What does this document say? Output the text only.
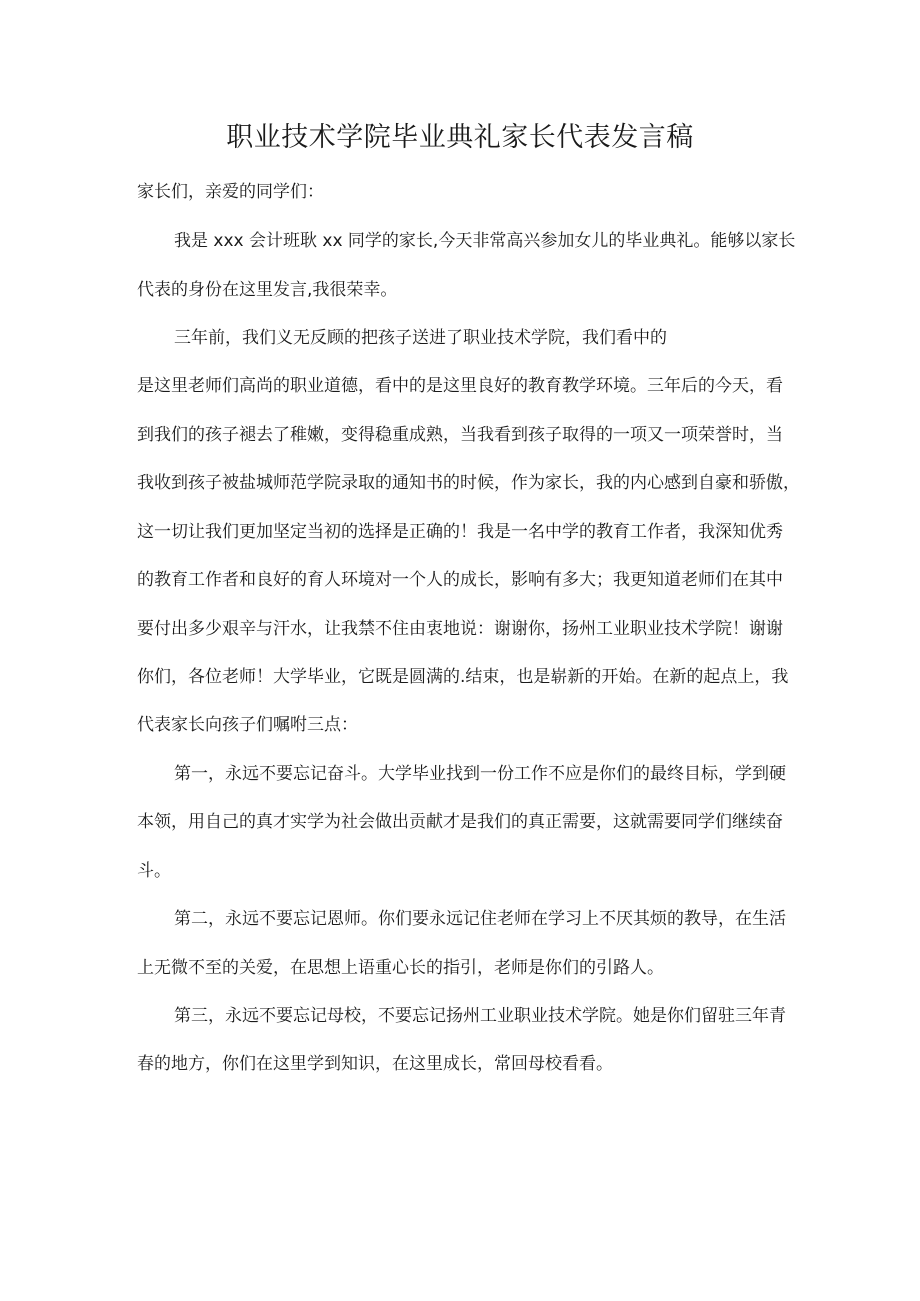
职业技术学院毕业典礼家长代表发言稿

家长们，亲爱的同学们：

我是 xxx 会计班耿 xx 同学的家长,今天非常高兴参加女儿的毕业典礼。能够以家长

代表的身份在这里发言,我很荣幸。

三年前，我们义无反顾的把孩子送进了职业技术学院，我们看中的

是这里老师们高尚的职业道德，看中的是这里良好的教育教学环境。三年后的今天，看

到我们的孩子褪去了稚嫩，变得稳重成熟，当我看到孩子取得的一项又一项荣誉时，当

我收到孩子被盐城师范学院录取的通知书的时候，作为家长，我的内心感到自豪和骄傲，

这一切让我们更加坚定当初的选择是正确的！我是一名中学的教育工作者，我深知优秀

的教育工作者和良好的育人环境对一个人的成长，影响有多大；我更知道老师们在其中

要付出多少艰辛与汗水，让我禁不住由衷地说：谢谢你，扬州工业职业技术学院！谢谢

你们，各位老师！大学毕业，它既是圆满的.结束，也是崭新的开始。在新的起点上，我

代表家长向孩子们嘱咐三点：

第一，永远不要忘记奋斗。大学毕业找到一份工作不应是你们的最终目标，学到硬

本领，用自己的真才实学为社会做出贡献才是我们的真正需要，这就需要同学们继续奋

斗。

第二，永远不要忘记恩师。你们要永远记住老师在学习上不厌其烦的教导，在生活

上无微不至的关爱，在思想上语重心长的指引，老师是你们的引路人。

第三，永远不要忘记母校，不要忘记扬州工业职业技术学院。她是你们留驻三年青

春的地方，你们在这里学到知识，在这里成长，常回母校看看。
